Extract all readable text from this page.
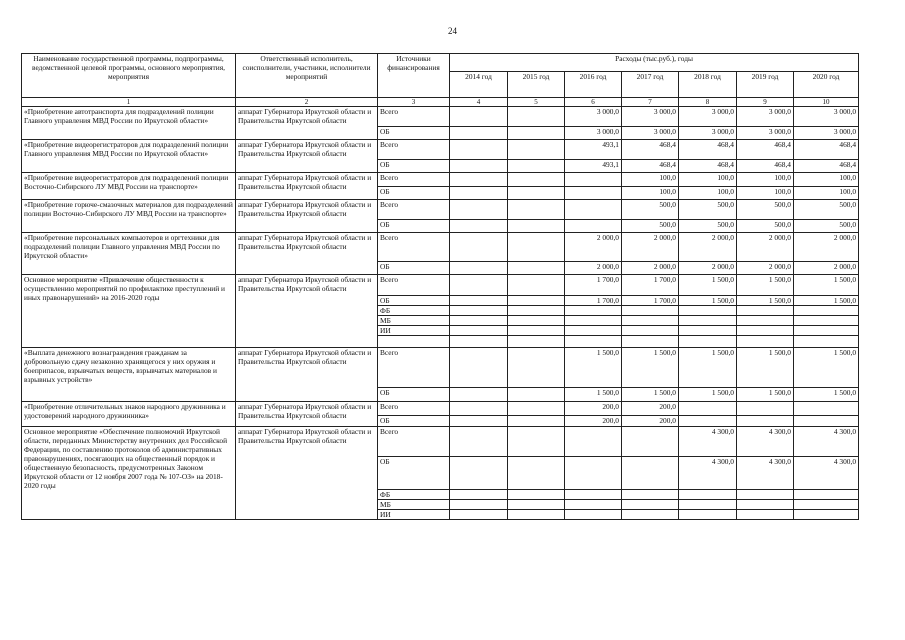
24
Наименование государственной программы, подпрограммы, ведомственной целевой программы, основного мероприятия, мероприятия	Ответственный исполнитель, соисполнители, участники, исполнители мероприятий	Источники финансирования	Расходы (тыс.руб.), годы						
			2014 год	2015 год	2016 год	2017 год	2018 год	2019 год	2020 год
1	2	3	4	5	6	7	8	9	10
«Приобретение автотранспорта для подразделений полиции Главного управления МВД России по Иркутской области»	аппарат Губернатора Иркутской области и Правительства Иркутской области	Всего			3 000,0	3 000,0	3 000,0	3 000,0	3 000,0
		ОБ			3 000,0	3 000,0	3 000,0	3 000,0	3 000,0
«Приобретение видеорегистраторов для подразделений полиции Главного управления МВД России по Иркутской области»	аппарат Губернатора Иркутской области и Правительства Иркутской области	Всего			493,1	468,4	468,4	468,4	468,4
		ОБ			493,1	468,4	468,4	468,4	468,4
«Приобретение видеорегистраторов для подразделений полиции Восточно-Сибирского ЛУ МВД России на транспорте»	аппарат Губернатора Иркутской области и Правительства Иркутской области	Всего				100,0	100,0	100,0	100,0
		ОБ				100,0	100,0	100,0	100,0
«Приобретение горюче-смазочных материалов для подразделений полиции Восточно-Сибирского ЛУ МВД России на транспорте»	аппарат Губернатора Иркутской области и Правительства Иркутской области	Всего				500,0	500,0	500,0	500,0
		ОБ				500,0	500,0	500,0	500,0
«Приобретение персональных компьютеров и оргтехники для подразделений полиции Главного управления МВД России по Иркутской области»	аппарат Губернатора Иркутской области и Правительства Иркутской области	Всего			2 000,0	2 000,0	2 000,0	2 000,0	2 000,0
		ОБ			2 000,0	2 000,0	2 000,0	2 000,0	2 000,0
Основное мероприятие «Привлечение общественности к осуществлению мероприятий по профилактике преступлений и иных правонарушений» на 2016-2020 годы	аппарат Губернатора Иркутской области и Правительства Иркутской области	Всего			1 700,0	1 700,0	1 500,0	1 500,0	1 500,0
		ОБ			1 700,0	1 700,0	1 500,0	1 500,0	1 500,0
		ФБ							
		МБ							
		ИИ							

«Выплата денежного вознаграждения гражданам за добровольную сдачу незаконно хранящегося у них оружия и боеприпасов, взрывчатых веществ, взрывчатых материалов и взрывных устройств»	аппарат Губернатора Иркутской области и Правительства Иркутской области	Всего			1 500,0	1 500,0	1 500,0	1 500,0	1 500,0
		ОБ			1 500,0	1 500,0	1 500,0	1 500,0	1 500,0
«Приобретение отличительных знаков народного дружинника и удостоверений народного дружинника»	аппарат Губернатора Иркутской области и Правительства Иркутской области	Всего			200,0	200,0			
		ОБ			200,0	200,0			
Основное мероприятие «Обеспечение полномочий Иркутской области, переданных Министерству внутренних дел Российской Федерации, по составлению протоколов об административных правонарушениях, посягающих на общественный порядок и общественную безопасность, предусмотренных Законом Иркутской области от 12 ноября 2007 года № 107-ОЗ» на 2018-2020 годы	аппарат Губернатора Иркутской области и Правительства Иркутской области	Всего					4 300,0	4 300,0	4 300,0
		ОБ					4 300,0	4 300,0	4 300,0
		ФБ							
		МБ							
		ИИ							
